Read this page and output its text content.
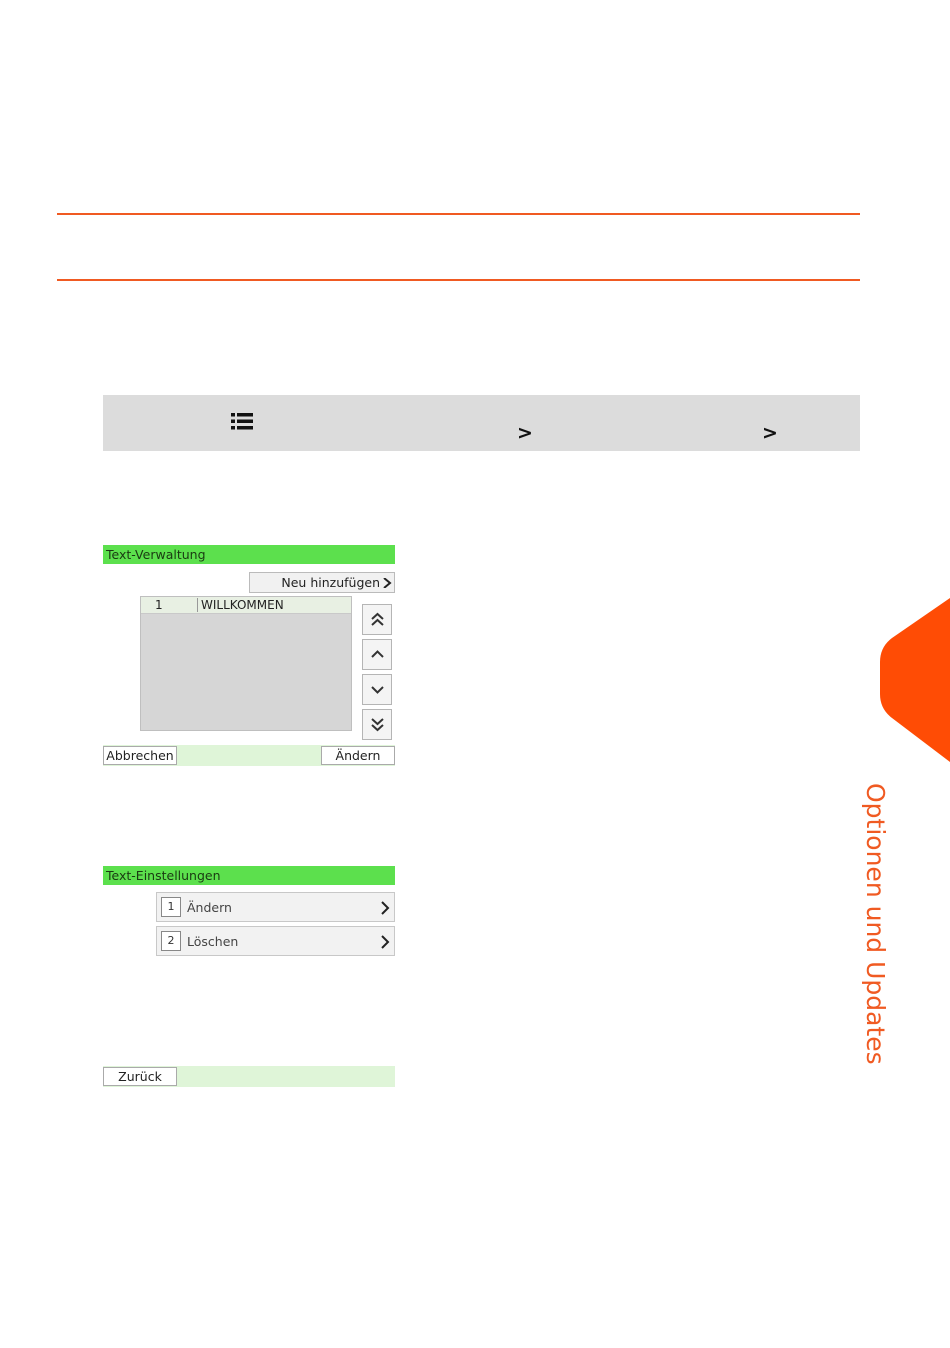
>	>
Text-Verwaltung
Neu hinzufügen
1	WILLKOMMEN
Abbrechen	Ändern
Text-Einstellungen
1	Ändern
2	Löschen
Zurück
Optionen und Updates
